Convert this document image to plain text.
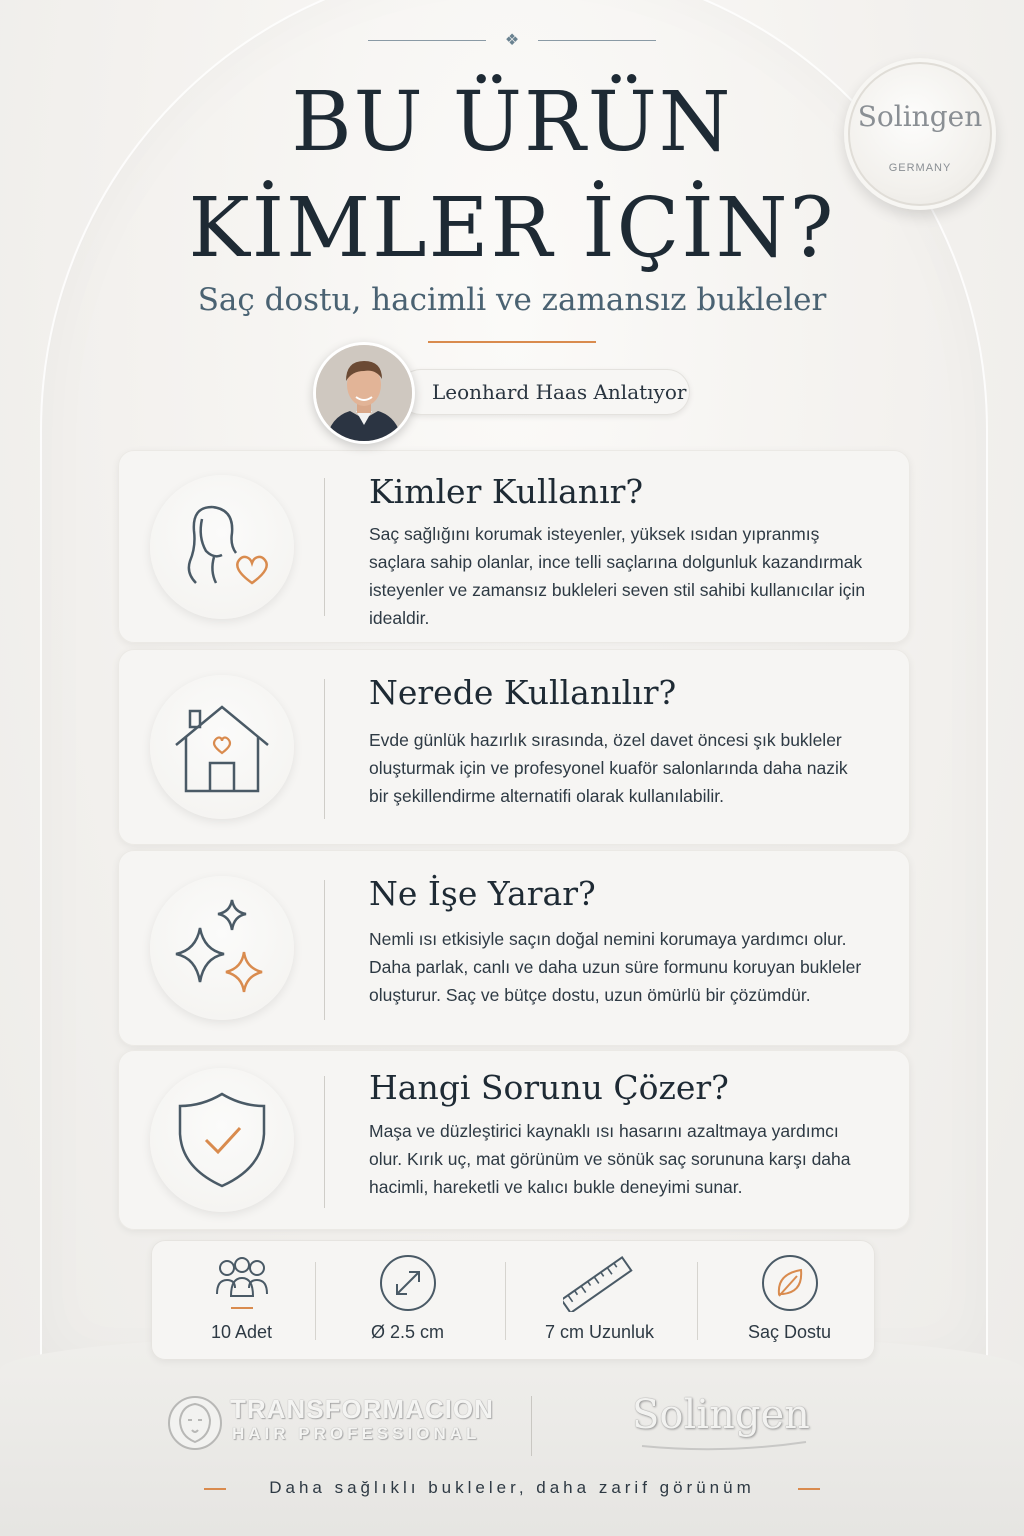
❖
Solingen
GERMANY
BU ÜRÜN
KİMLER İÇİN?
Saç dostu, hacimli ve zamansız bukleler
Leonhard Haas Anlatıyor
Kimler Kullanır?

Saç sağlığını korumak isteyenler, yüksek ısıdan yıpranmış saçlara sahip olanlar, ince telli saçlarına dolgunluk kazandırmak isteyenler ve zamansız bukleleri seven stil sahibi kullanıcılar için idealdir.

Nerede Kullanılır?

Evde günlük hazırlık sırasında, özel davet öncesi şık bukleler oluşturmak için ve profesyonel kuaför salonlarında daha nazik bir şekillendirme alternatifi olarak kullanılabilir.

Ne İşe Yarar?

Nemli ısı etkisiyle saçın doğal nemini korumaya yardımcı olur. Daha parlak, canlı ve daha uzun süre formunu koruyan bukleler oluşturur. Saç ve bütçe dostu, uzun ömürlü bir çözümdür.

Hangi Sorunu Çözer?

Maşa ve düzleştirici kaynaklı ısı hasarını azaltmaya yardımcı olur. Kırık uç, mat görünüm ve sönük saç sorununa karşı daha hacimli, hareketli ve kalıcı bukle deneyimi sunar.

10 Adet	Ø 2.5 cm	7 cm Uzunluk	Saç Dostu
TRANSFORMACION
HAIR PROFESSIONAL	Solingen
Daha sağlıklı bukleler, daha zarif görünüm
